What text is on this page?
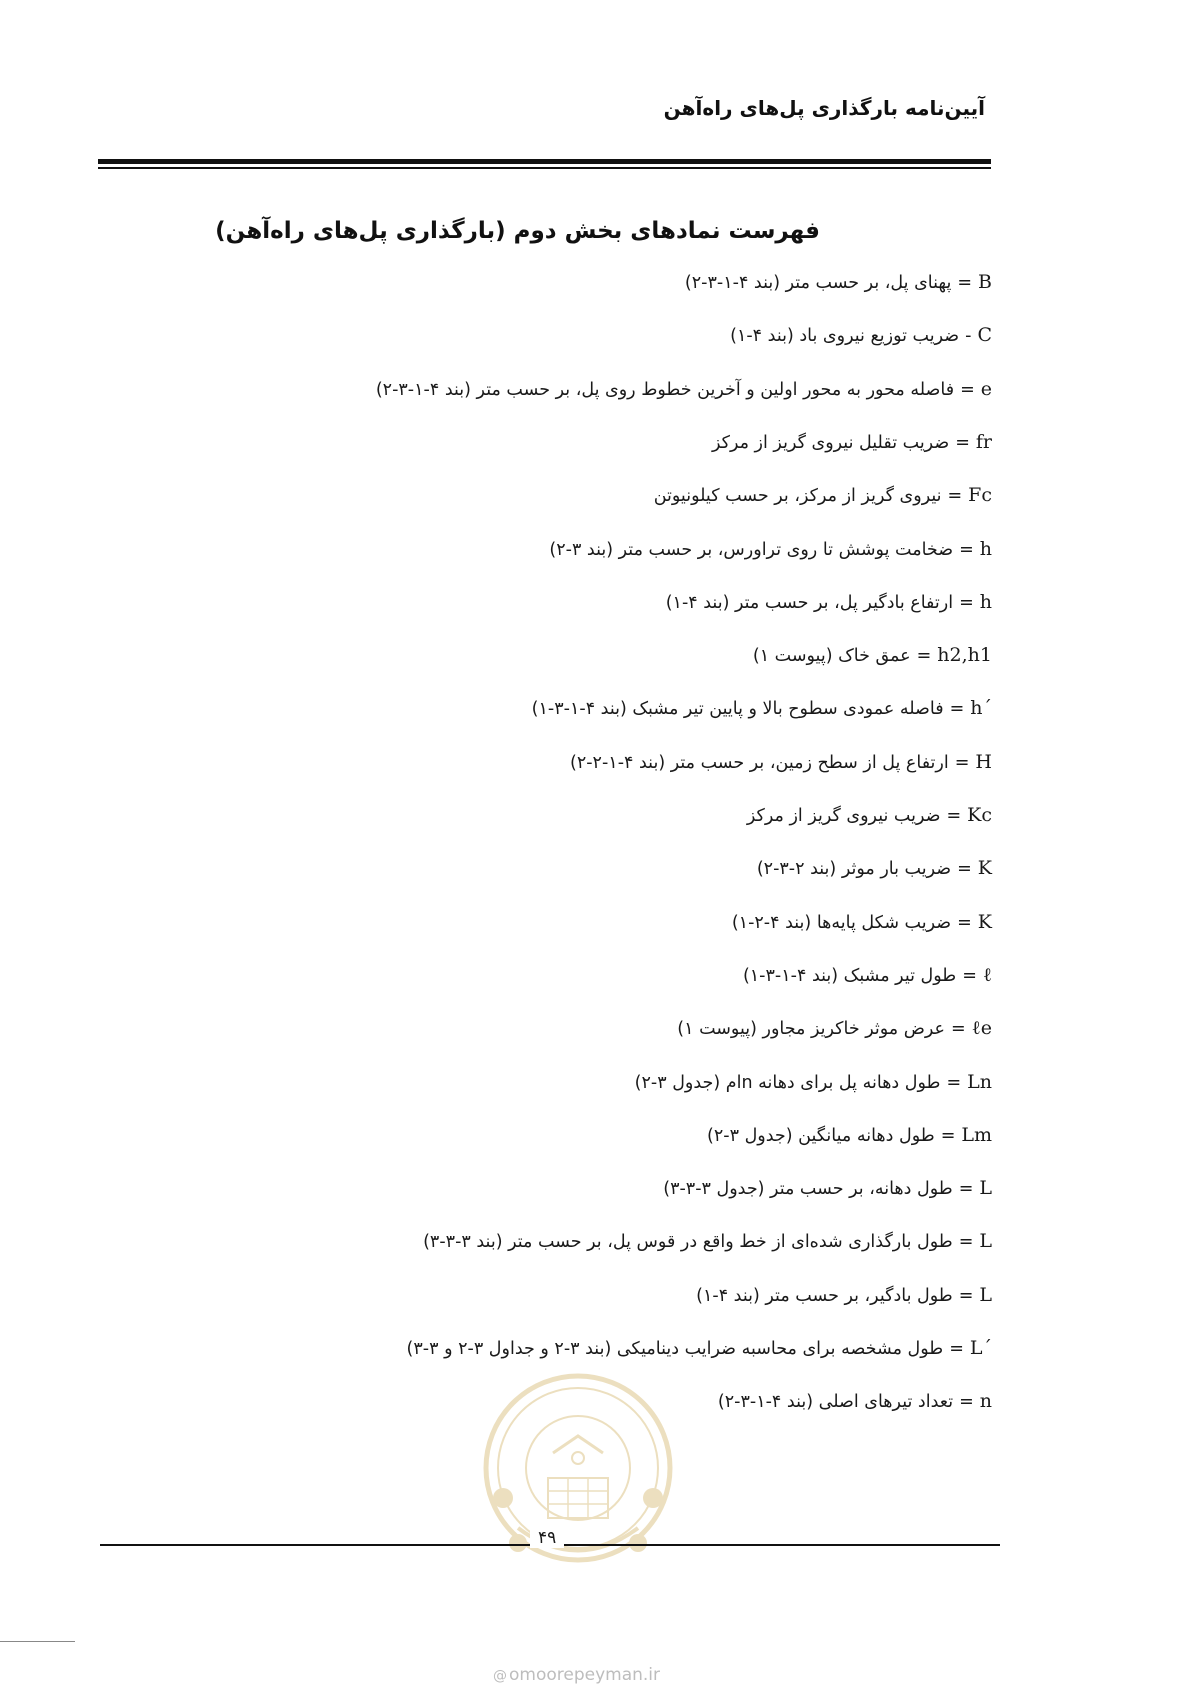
آیین‌نامه بارگذاری پل‌های راه‌آهن
فهرست نمادهای بخش دوم (بارگذاری پل‌های راه‌آهن)
B=پهنای پل، بر حسب متر (بند ۴-۱-۳-۲)
C-ضریب توزیع نیروی باد (بند ۴-۱)
e=فاصله محور به محور اولین و آخرین خطوط روی پل، بر حسب متر (بند ۴-۱-۳-۲)
fr=ضریب تقلیل نیروی گریز از مرکز
Fc=نیروی گریز از مرکز، بر حسب کیلونیوتن
h=ضخامت پوشش تا روی تراورس، بر حسب متر (بند ۳-۲)
h=ارتفاع بادگیر پل، بر حسب متر (بند ۴-۱)
h2,h1=عمق خاک (پیوست ۱)
h´=فاصله عمودی سطوح بالا و پایین تیر مشبک (بند ۴-۱-۳-۱)
H=ارتفاع پل از سطح زمین، بر حسب متر (بند ۴-۱-۲-۲)
Kc=ضریب نیروی گریز از مرکز
K=ضریب بار موثر (بند ۲-۳-۲)
K=ضریب شکل پایه‌ها (بند ۴-۲-۱)
ℓ=طول تیر مشبک (بند ۴-۱-۳-۱)
ℓe=عرض موثر خاکریز مجاور (پیوست ۱)
Ln=طول دهانه پل برای دهانه nام (جدول ۳-۲)
Lm=طول دهانه میانگین (جدول ۳-۲)
L=طول دهانه، بر حسب متر (جدول ۳-۳-۳)
L=طول بارگذاری شده‌ای از خط واقع در قوس پل، بر حسب متر (بند ۳-۳-۳)
L=طول بادگیر، بر حسب متر (بند ۴-۱)
L´=طول مشخصه برای محاسبه ضرایب دینامیکی (بند ۳-۲ و جداول ۳-۲ و ۳-۳)
n=تعداد تیرهای اصلی (بند ۴-۱-۳-۲)
۴۹
@ omoorepeyman.ir
